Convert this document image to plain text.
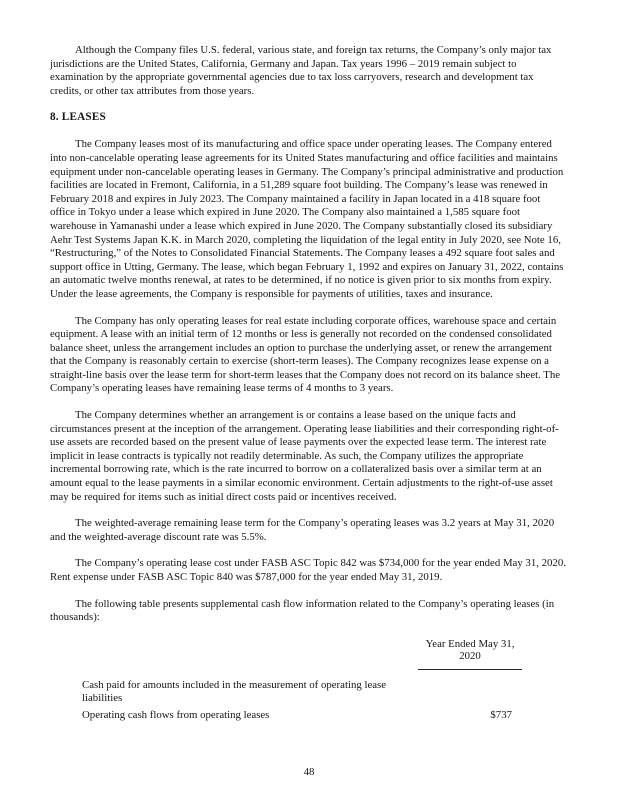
Although the Company files U.S. federal, various state, and foreign tax returns, the Company’s only major tax jurisdictions are the United States, California, Germany and Japan. Tax years 1996 – 2019 remain subject to examination by the appropriate governmental agencies due to tax loss carryovers, research and development tax credits, or other tax attributes from those years.

8. LEASES

The Company leases most of its manufacturing and office space under operating leases. The Company entered into non-cancelable operating lease agreements for its United States manufacturing and office facilities and maintains equipment under non-cancelable operating leases in Germany. The Company’s principal administrative and production facilities are located in Fremont, California, in a 51,289 square foot building. The Company’s lease was renewed in February 2018 and expires in July 2023. The Company maintained a facility in Japan located in a 418 square foot office in Tokyo under a lease which expired in June 2020. The Company also maintained a 1,585 square foot warehouse in Yamanashi under a lease which expired in June 2020. The Company substantially closed its subsidiary Aehr Test Systems Japan K.K. in March 2020, completing the liquidation of the legal entity in July 2020, see Note 16, “Restructuring,” of the Notes to Consolidated Financial Statements. The Company leases a 492 square foot sales and support office in Utting, Germany. The lease, which began February 1, 1992 and expires on January 31, 2022, contains an automatic twelve months renewal, at rates to be determined, if no notice is given prior to six months from expiry. Under the lease agreements, the Company is responsible for payments of utilities, taxes and insurance.

The Company has only operating leases for real estate including corporate offices, warehouse space and certain equipment. A lease with an initial term of 12 months or less is generally not recorded on the condensed consolidated balance sheet, unless the arrangement includes an option to purchase the underlying asset, or renew the arrangement that the Company is reasonably certain to exercise (short-term leases). The Company recognizes lease expense on a straight-line basis over the lease term for short-term leases that the Company does not record on its balance sheet. The Company’s operating leases have remaining lease terms of 4 months to 3 years.

The Company determines whether an arrangement is or contains a lease based on the unique facts and circumstances present at the inception of the arrangement. Operating lease liabilities and their corresponding right-of-use assets are recorded based on the present value of lease payments over the expected lease term. The interest rate implicit in lease contracts is typically not readily determinable. As such, the Company utilizes the appropriate incremental borrowing rate, which is the rate incurred to borrow on a collateralized basis over a similar term at an amount equal to the lease payments in a similar economic environment. Certain adjustments to the right-of-use asset may be required for items such as initial direct costs paid or incentives received.

The weighted-average remaining lease term for the Company’s operating leases was 3.2 years at May 31, 2020 and the weighted-average discount rate was 5.5%.

The Company’s operating lease cost under FASB ASC Topic 842 was $734,000 for the year ended May 31, 2020. Rent expense under FASB ASC Topic 840 was $787,000 for the year ended May 31, 2019.

The following table presents supplemental cash flow information related to the Company’s operating leases (in thousands):

Year Ended May 31,
2020
Cash paid for amounts included in the measurement of operating lease liabilities
Operating cash flows from operating leases	$737
48
